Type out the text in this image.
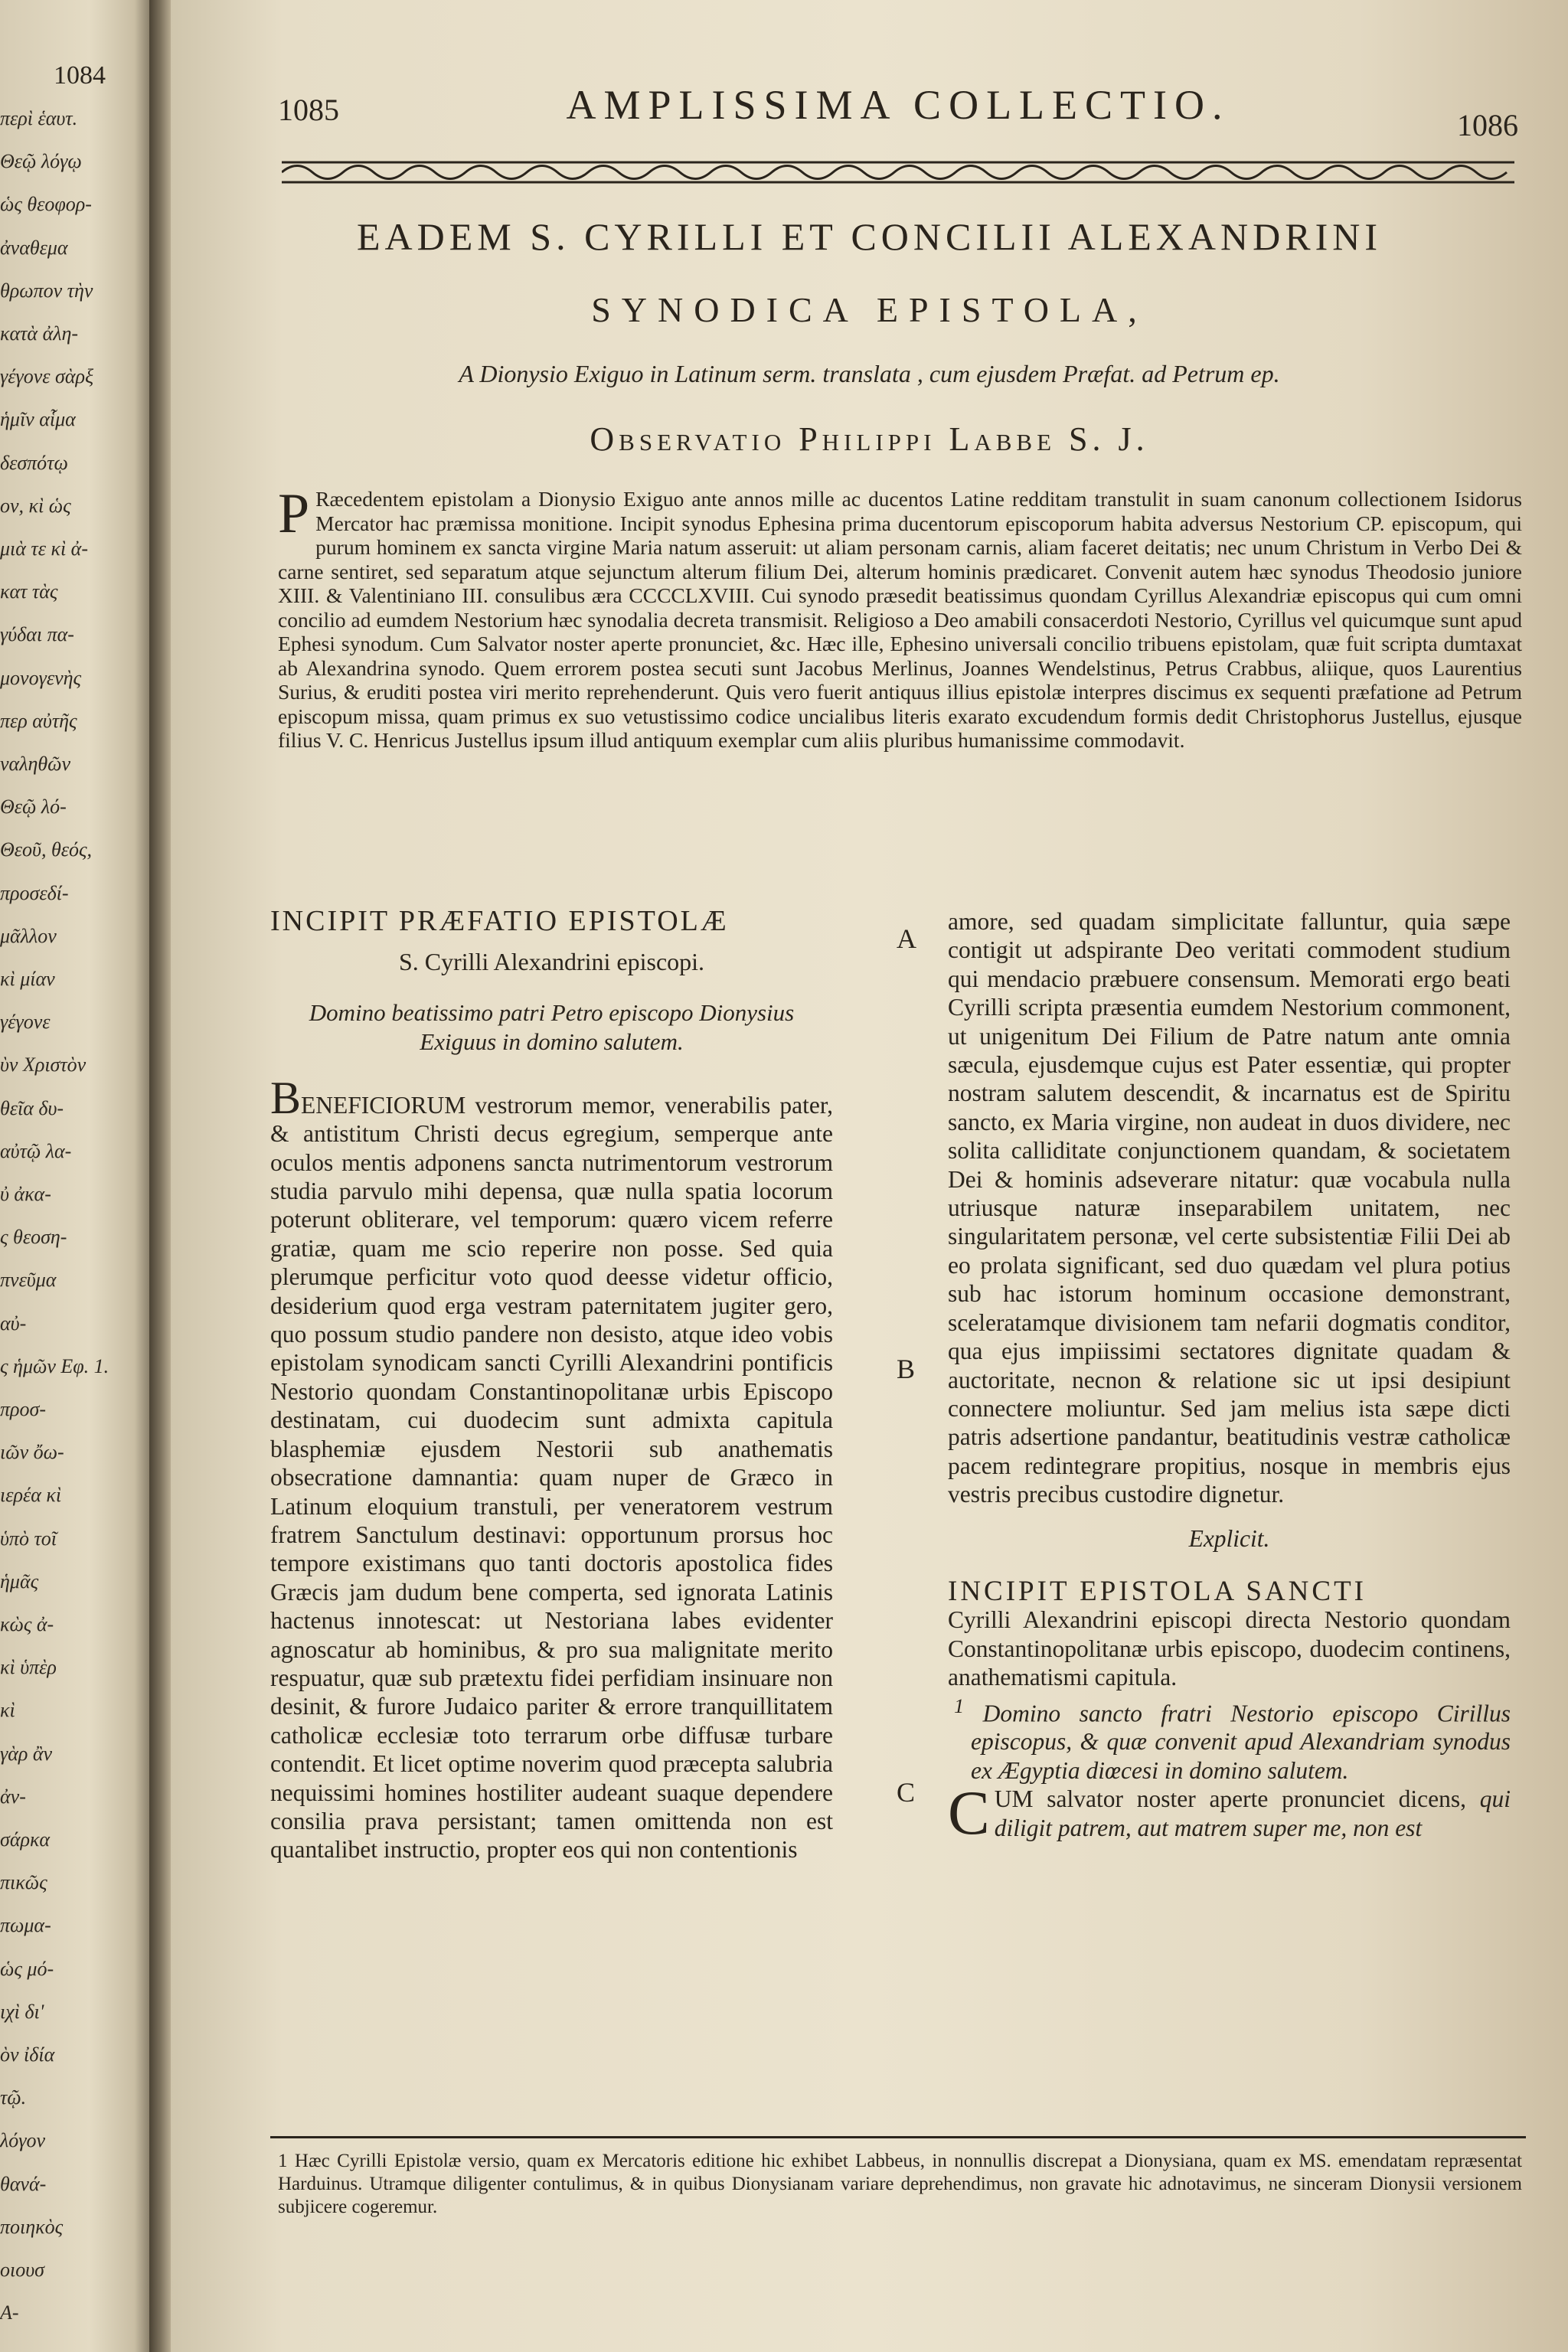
1084
περὶ ἑαυτ.
Θεῷ λόγῳ
ὡς θεοφορ-
ἀναθεμα
θρωπον τὴν
κατὰ ἀλη-
γέγονε σὰρξ
ἡμῖν αἷμα
δεσπότῳ
ον, κὶ ὡς
μιὰ τε κὶ ἀ-
κατ τὰς
γύδαι πα-
μονογενὴς
περ αὐτῆς
ναληθῶν
Θεῷ λό-
Θεοῦ, θεός,
προσεδί-
μᾶλλον
κὶ μίαν
γέγονε
ὺν Χριστὸν
θεῖα δυ-
αὐτῷ λα-
ὐ ἀκα-
ς θεοση-
πνεῦμα
αὐ-
ς ἡμῶν Εφ. 1.
προσ-
ιῶν ὄω-
ιερέα κὶ
ὑπὸ τοῖ
ἡμᾶς
κὼς ἀ-
κὶ ὑπὲρ
κὶ
γὰρ ἂν
ἀν-
σάρκα
πικῶς
πωμα-
ὡς μό-
ιχὶ δι'
ὸν ἰδία
τῷ.
λόγον
θανά-
ποιηκὸς
οιουσ
A-
1085	AMPLISSIMA COLLECTIO.	1086
EADEM S. CYRILLI ET CONCILII ALEXANDRINI
SYNODICA EPISTOLA,
A Dionysio Exiguo in Latinum serm. translata , cum ejusdem Præfat. ad Petrum ep.
Observatio Philippi Labbe S. J.
P Ræcedentem epistolam a Dionysio Exiguo ante annos mille ac ducentos Latine redditam transtulit in suam canonum collectionem Isidorus Mercator hac præmissa monitione. Incipit synodus Ephesina prima ducentorum episcoporum habita adversus Nestorium CP. episcopum, qui purum hominem ex sancta virgine Maria natum asseruit: ut aliam personam carnis, aliam faceret deitatis; nec unum Christum in Verbo Dei & carne sentiret, sed separatum atque sejunctum alterum filium Dei, alterum hominis prædicaret. Convenit autem hæc synodus Theodosio juniore XIII. & Valentiniano III. consulibus æra CCCCLXVIII. Cui synodo præsedit beatissimus quondam Cyrillus Alexandriæ episcopus qui cum omni concilio ad eumdem Nestorium hæc synodalia decreta transmisit. Religioso a Deo amabili consacerdoti Nestorio, Cyrillus vel quicumque sunt apud Ephesi synodum. Cum Salvator noster aperte pronunciet, &c. Hæc ille, Ephesino universali concilio tribuens epistolam, quæ fuit scripta dumtaxat ab Alexandrina synodo. Quem errorem postea secuti sunt Jacobus Merlinus, Joannes Wendelstinus, Petrus Crabbus, aliique, quos Laurentius Surius, & eruditi postea viri merito reprehenderunt. Quis vero fuerit antiquus illius epistolæ interpres discimus ex sequenti præfatione ad Petrum episcopum missa, quam primus ex suo vetustissimo codice uncialibus literis exarato excudendum formis dedit Christophorus Justellus, ejusque filius V. C. Henricus Justellus ipsum illud antiquum exemplar cum aliis pluribus humanissime commodavit.
INCIPIT PRÆFATIO EPISTOLÆ
S. Cyrilli Alexandrini episcopi.
Domino beatissimo patri Petro episcopo Dionysius Exiguus in domino salutem.

BENEFICIORUM vestrorum memor, venerabilis pater, & antistitum Christi decus egregium, semperque ante oculos mentis adponens sancta nutrimentorum vestrorum studia parvulo mihi depensa, quæ nulla spatia locorum poterunt obliterare, vel temporum: quæro vicem referre gratiæ, quam me scio reperire non posse. Sed quia plerumque perficitur voto quod deesse videtur officio, desiderium quod erga vestram paternitatem jugiter gero, quo possum studio pandere non desisto, atque ideo vobis epistolam synodicam sancti Cyrilli Alexandrini pontificis Nestorio quondam Constantinopolitanæ urbis Episcopo destinatam, cui duodecim sunt admixta capitula blasphemiæ ejusdem Nestorii sub anathematis obsecratione damnantia: quam nuper de Græco in Latinum eloquium transtuli, per veneratorem vestrum fratrem Sanctulum destinavi: opportunum prorsus hoc tempore existimans quo tanti doctoris apostolica fides Græcis jam dudum bene comperta, sed ignorata Latinis hactenus innotescat: ut Nestoriana labes evidenter agnoscatur ab hominibus, & pro sua malignitate merito respuatur, quæ sub prætextu fidei perfidiam insinuare non desinit, & furore Judaico pariter & errore tranquillitatem catholicæ ecclesiæ toto terrarum orbe diffusæ turbare contendit. Et licet optime noverim quod præcepta salubria nequissimi homines hostiliter audeant suaque dependere consilia prava persistant; tamen omittenda non est quantalibet instructio, propter eos qui non contentionis

amore, sed quadam simplicitate falluntur, quia sæpe contigit ut adspirante Deo veritati commodent studium qui mendacio præbuere consensum. Memorati ergo beati Cyrilli scripta præsentia eumdem Nestorium commonent, ut unigenitum Dei Filium de Patre natum ante omnia sæcula, ejusdemque cujus est Pater essentiæ, qui propter nostram salutem descendit, & incarnatus est de Spiritu sancto, ex Maria virgine, non audeat in duos dividere, nec solita calliditate conjunctionem quandam, & societatem Dei & hominis adseverare nitatur: quæ vocabula nulla utriusque naturæ inseparabilem unitatem, nec singularitatem personæ, vel certe subsistentiæ Filii Dei ab eo prolata significant, sed duo quædam vel plura potius sub hac istorum hominum occasione demonstrant, sceleratamque divisionem tam nefarii dogmatis conditor, qua ejus impiissimi sectatores dignitate quadam & auctoritate, necnon & relatione sic ut ipsi desipiunt connectere moliuntur. Sed jam melius ista sæpe dicti patris adsertione pandantur, beatitudinis vestræ catholicæ pacem redintegrare propitius, nosque in membris ejus vestris precibus custodire dignetur.

Explicit.
INCIPIT EPISTOLA SANCTI

Cyrilli Alexandrini episcopi directa Nestorio quondam Constantinopolitanæ urbis episcopo, duodecim continens, anathematismi capitula.

$^1$ Domino sancto fratri Nestorio episcopo Cirillus episcopus, & quæ convenit apud Alexandriam synodus ex Ægyptia diœcesi in domino salutem.

CUM salvator noster aperte pronunciet dicens, qui diligit patrem, aut matrem super me, non est

A
B
C
1 Hæc Cyrilli Epistolæ versio, quam ex Mercatoris editione hic exhibet Labbeus, in nonnullis discrepat a Dionysiana, quam ex MS. emendatam repræsentat Harduinus. Utramque diligenter contulimus, & in quibus Dionysianam variare deprehendimus, non gravate hic adnotavimus, ne sinceram Dionysii versionem subjicere cogeremur.
